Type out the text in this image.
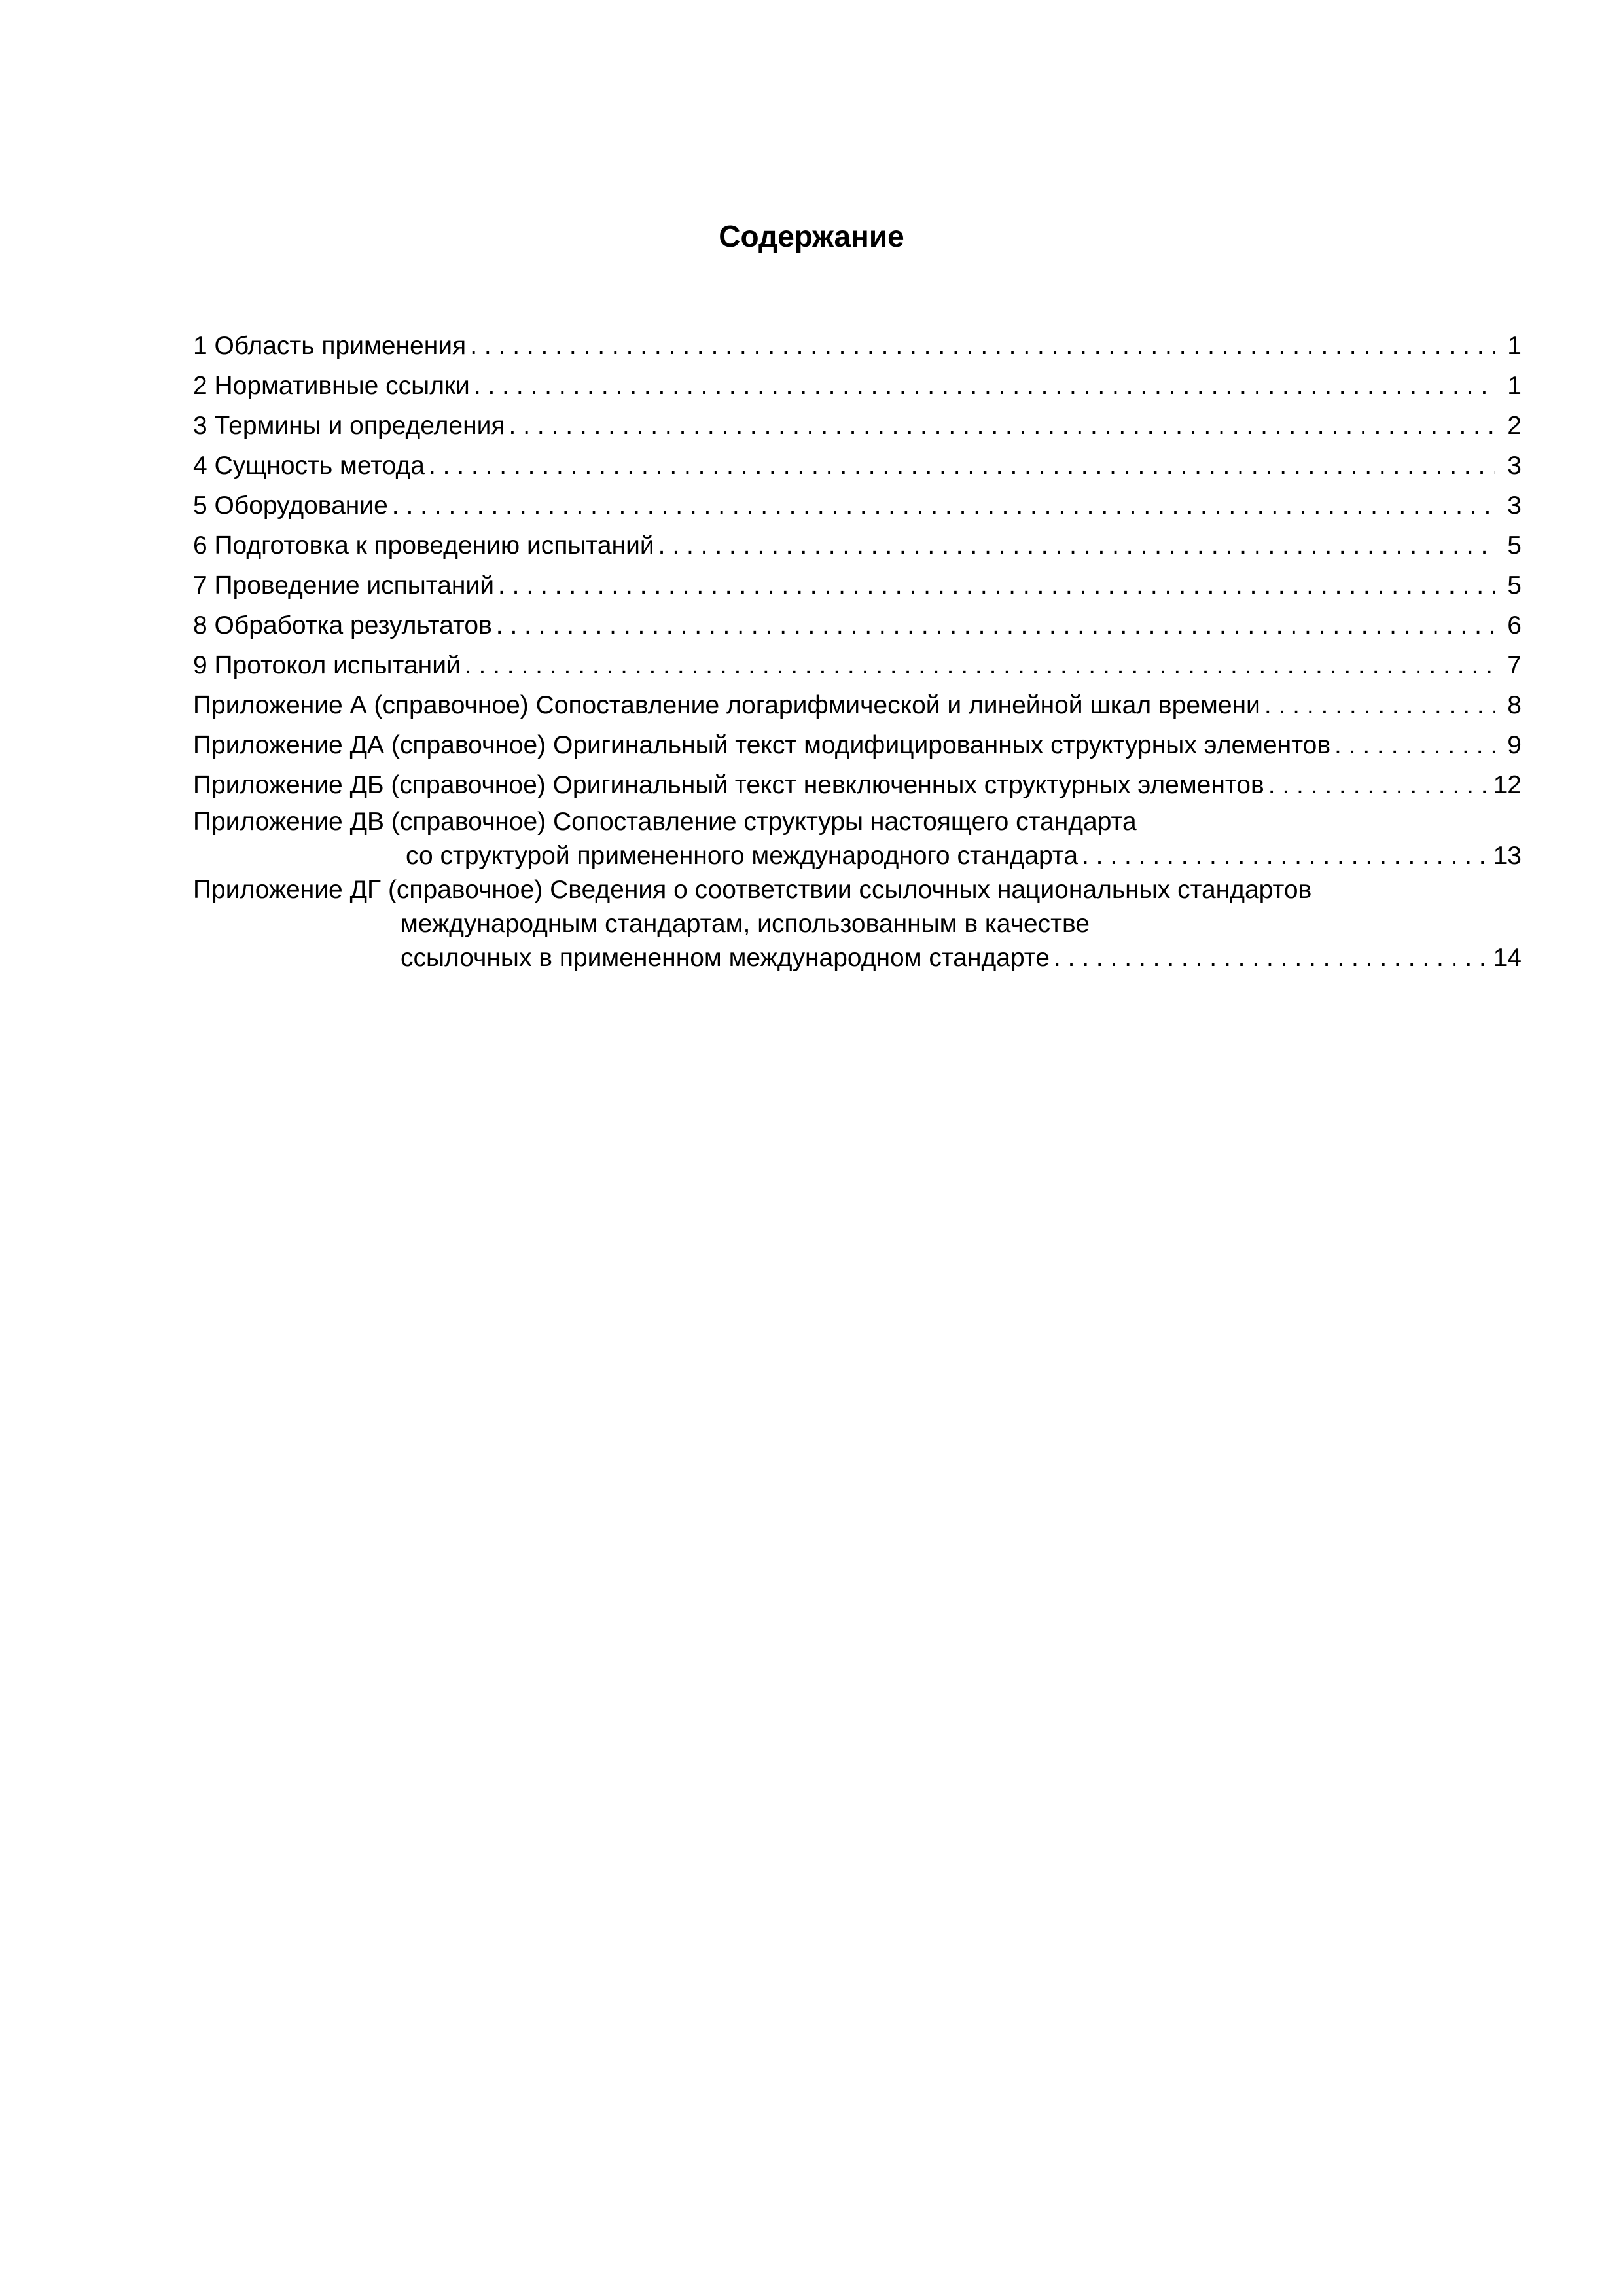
Содержание
1 Область применения . . .	1
2 Нормативные ссылки . . .	1
3 Термины и определения . . .	2
4 Сущность метода . . .	3
5 Оборудование . . .	3
6 Подготовка к проведению испытаний . . .	5
7 Проведение испытаний . . .	5
8 Обработка результатов . . .	6
9 Протокол испытаний . . .	7
Приложение А (справочное) Сопоставление логарифмической и линейной шкал времени . . .	8
Приложение ДА (справочное) Оригинальный текст модифицированных структурных элементов . . .	9
Приложение ДБ (справочное) Оригинальный текст невключенных структурных элементов . . .	12
Приложение ДВ (справочное) Сопоставление структуры настоящего стандарта
со структурой примененного международного стандарта . . .	13
Приложение ДГ (справочное) Сведения о соответствии ссылочных национальных стандартов
международным стандартам, использованным в качестве
ссылочных в примененном международном стандарте . . .	14
